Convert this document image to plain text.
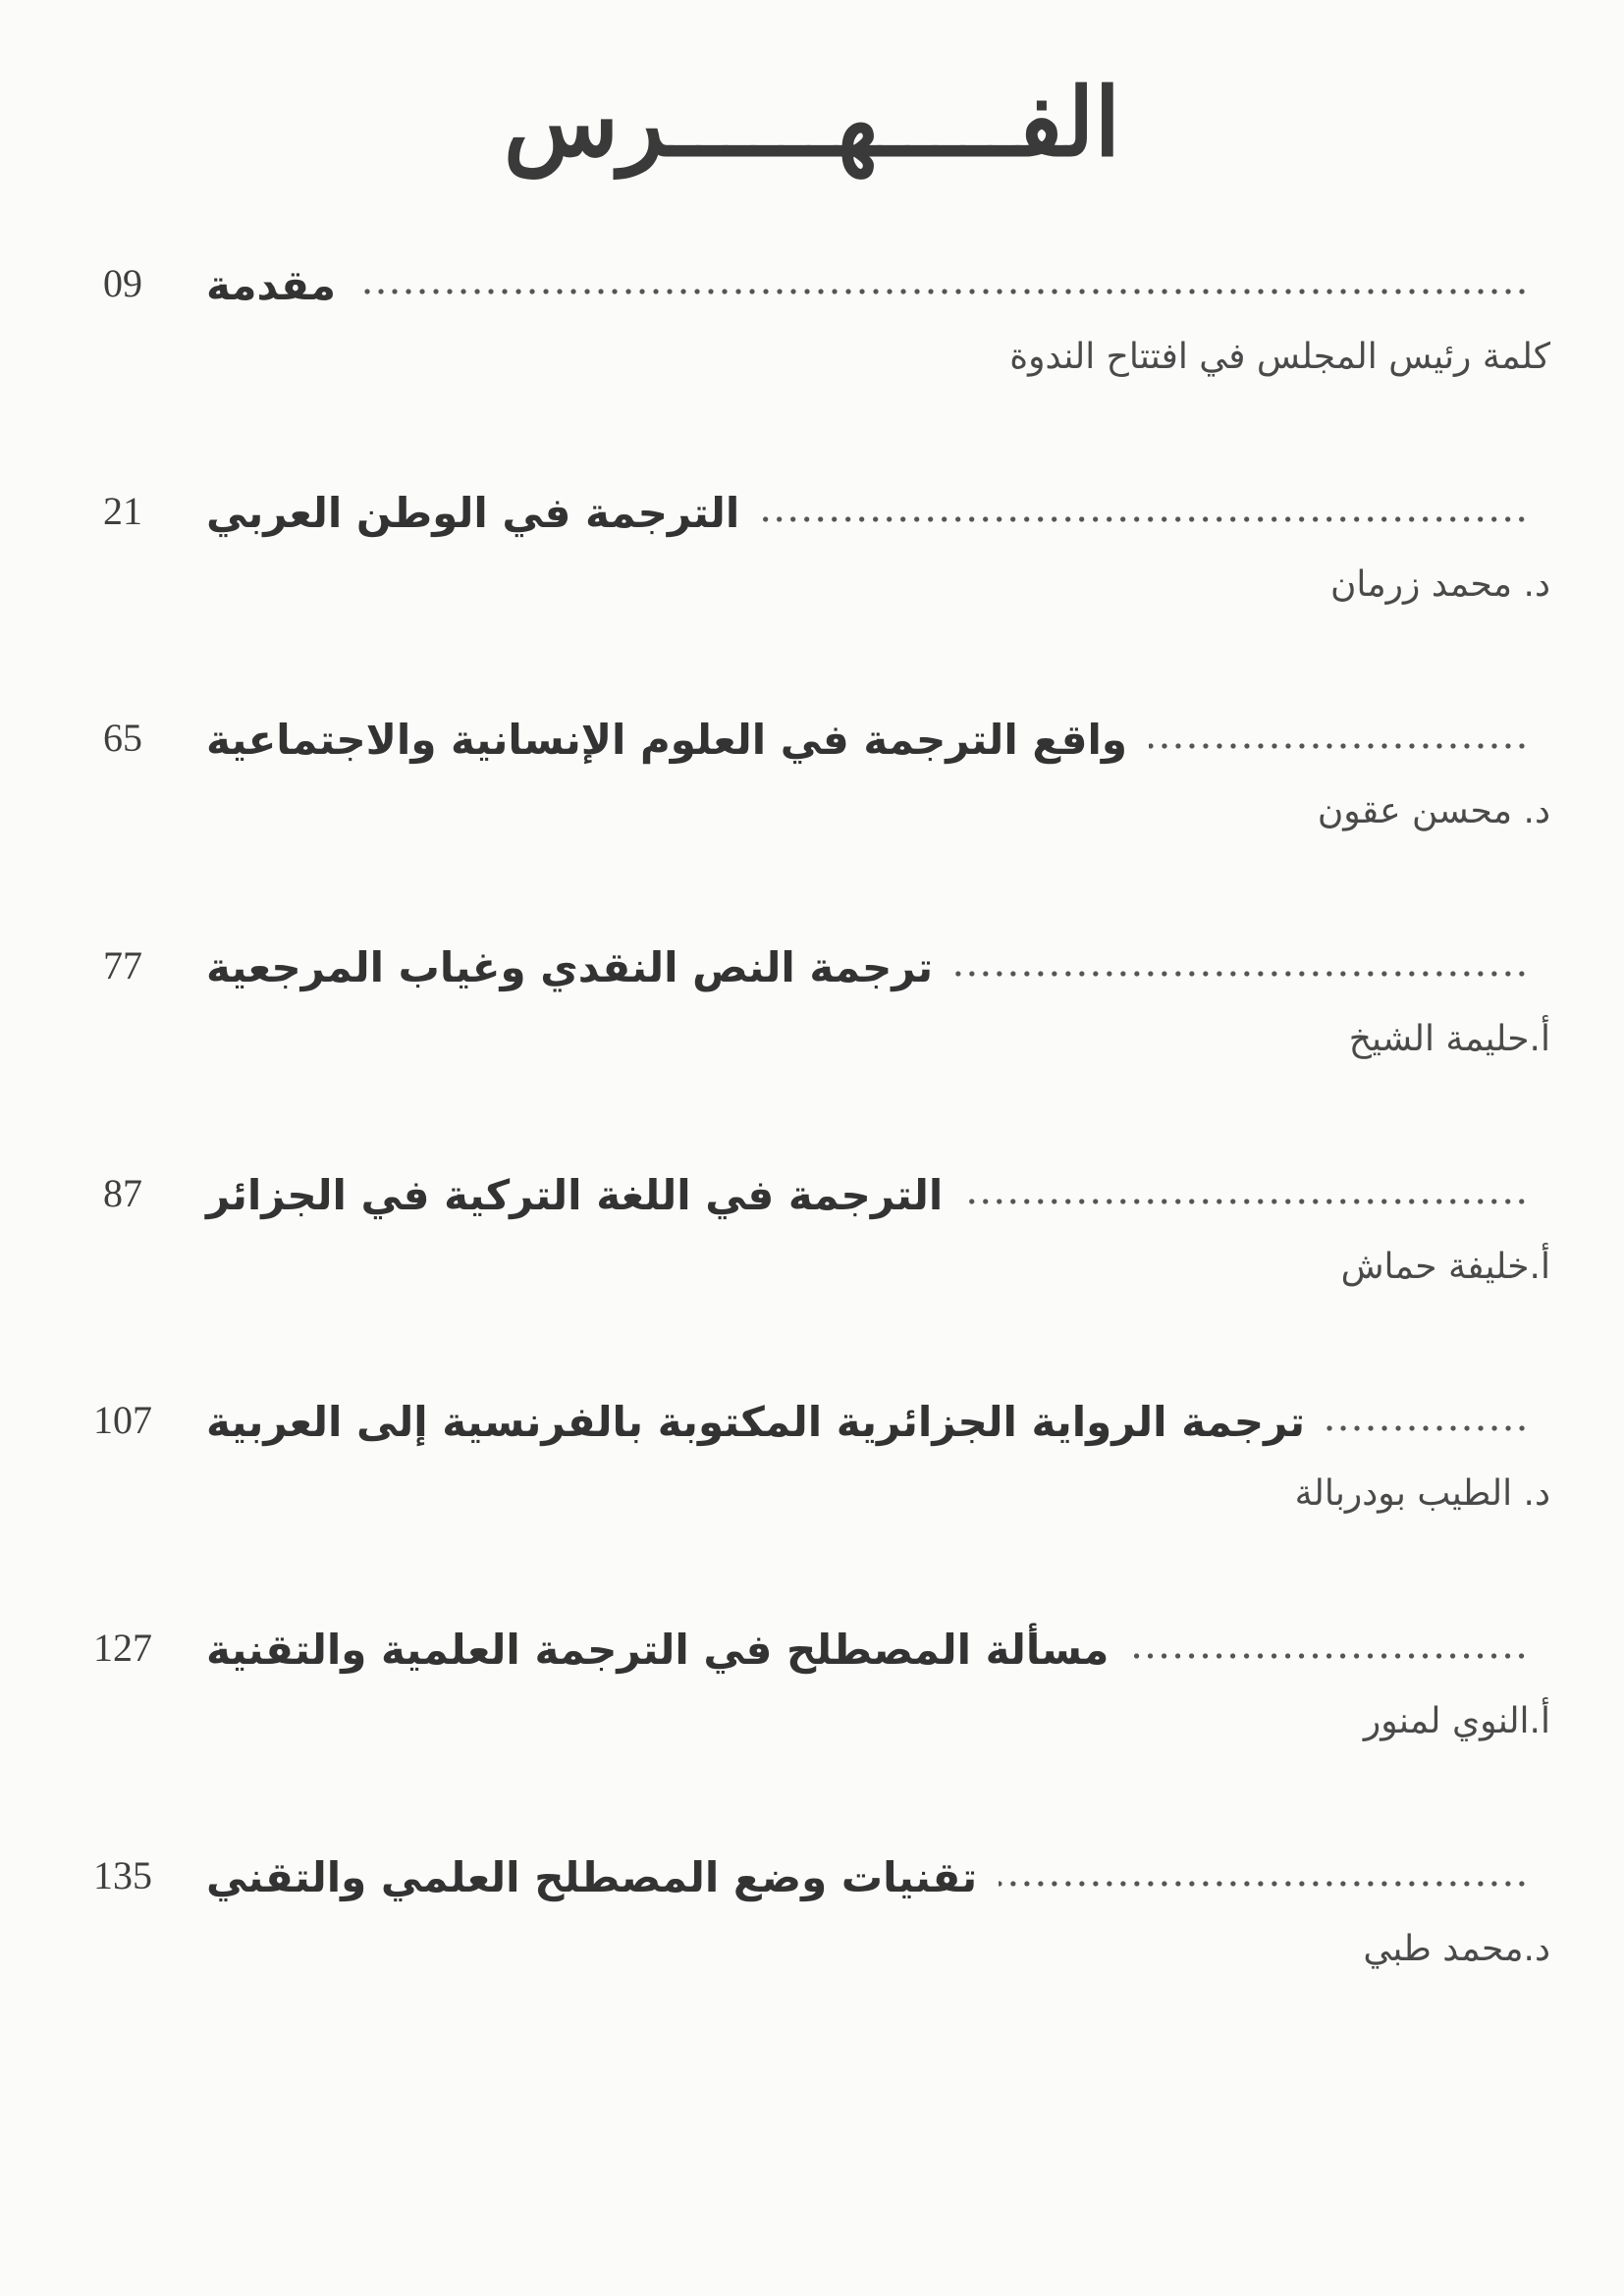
الفـــــهــــــرس
مقدمة
09
كلمة رئيس المجلس في افتتاح الندوة
الترجمة في الوطن العربي
21
د. محمد زرمان
واقع الترجمة في العلوم الإنسانية والاجتماعية
65
د. محسن عقون
ترجمة النص النقدي وغياب المرجعية
77
أ.حليمة الشيخ
الترجمة في اللغة التركية في الجزائر
87
أ.خليفة حماش
ترجمة الرواية الجزائرية المكتوبة بالفرنسية إلى العربية
107
د. الطيب بودربالة
مسألة المصطلح في الترجمة العلمية والتقنية
127
أ.النوي لمنور
تقنيات وضع المصطلح العلمي والتقني
135
د.محمد طبي
